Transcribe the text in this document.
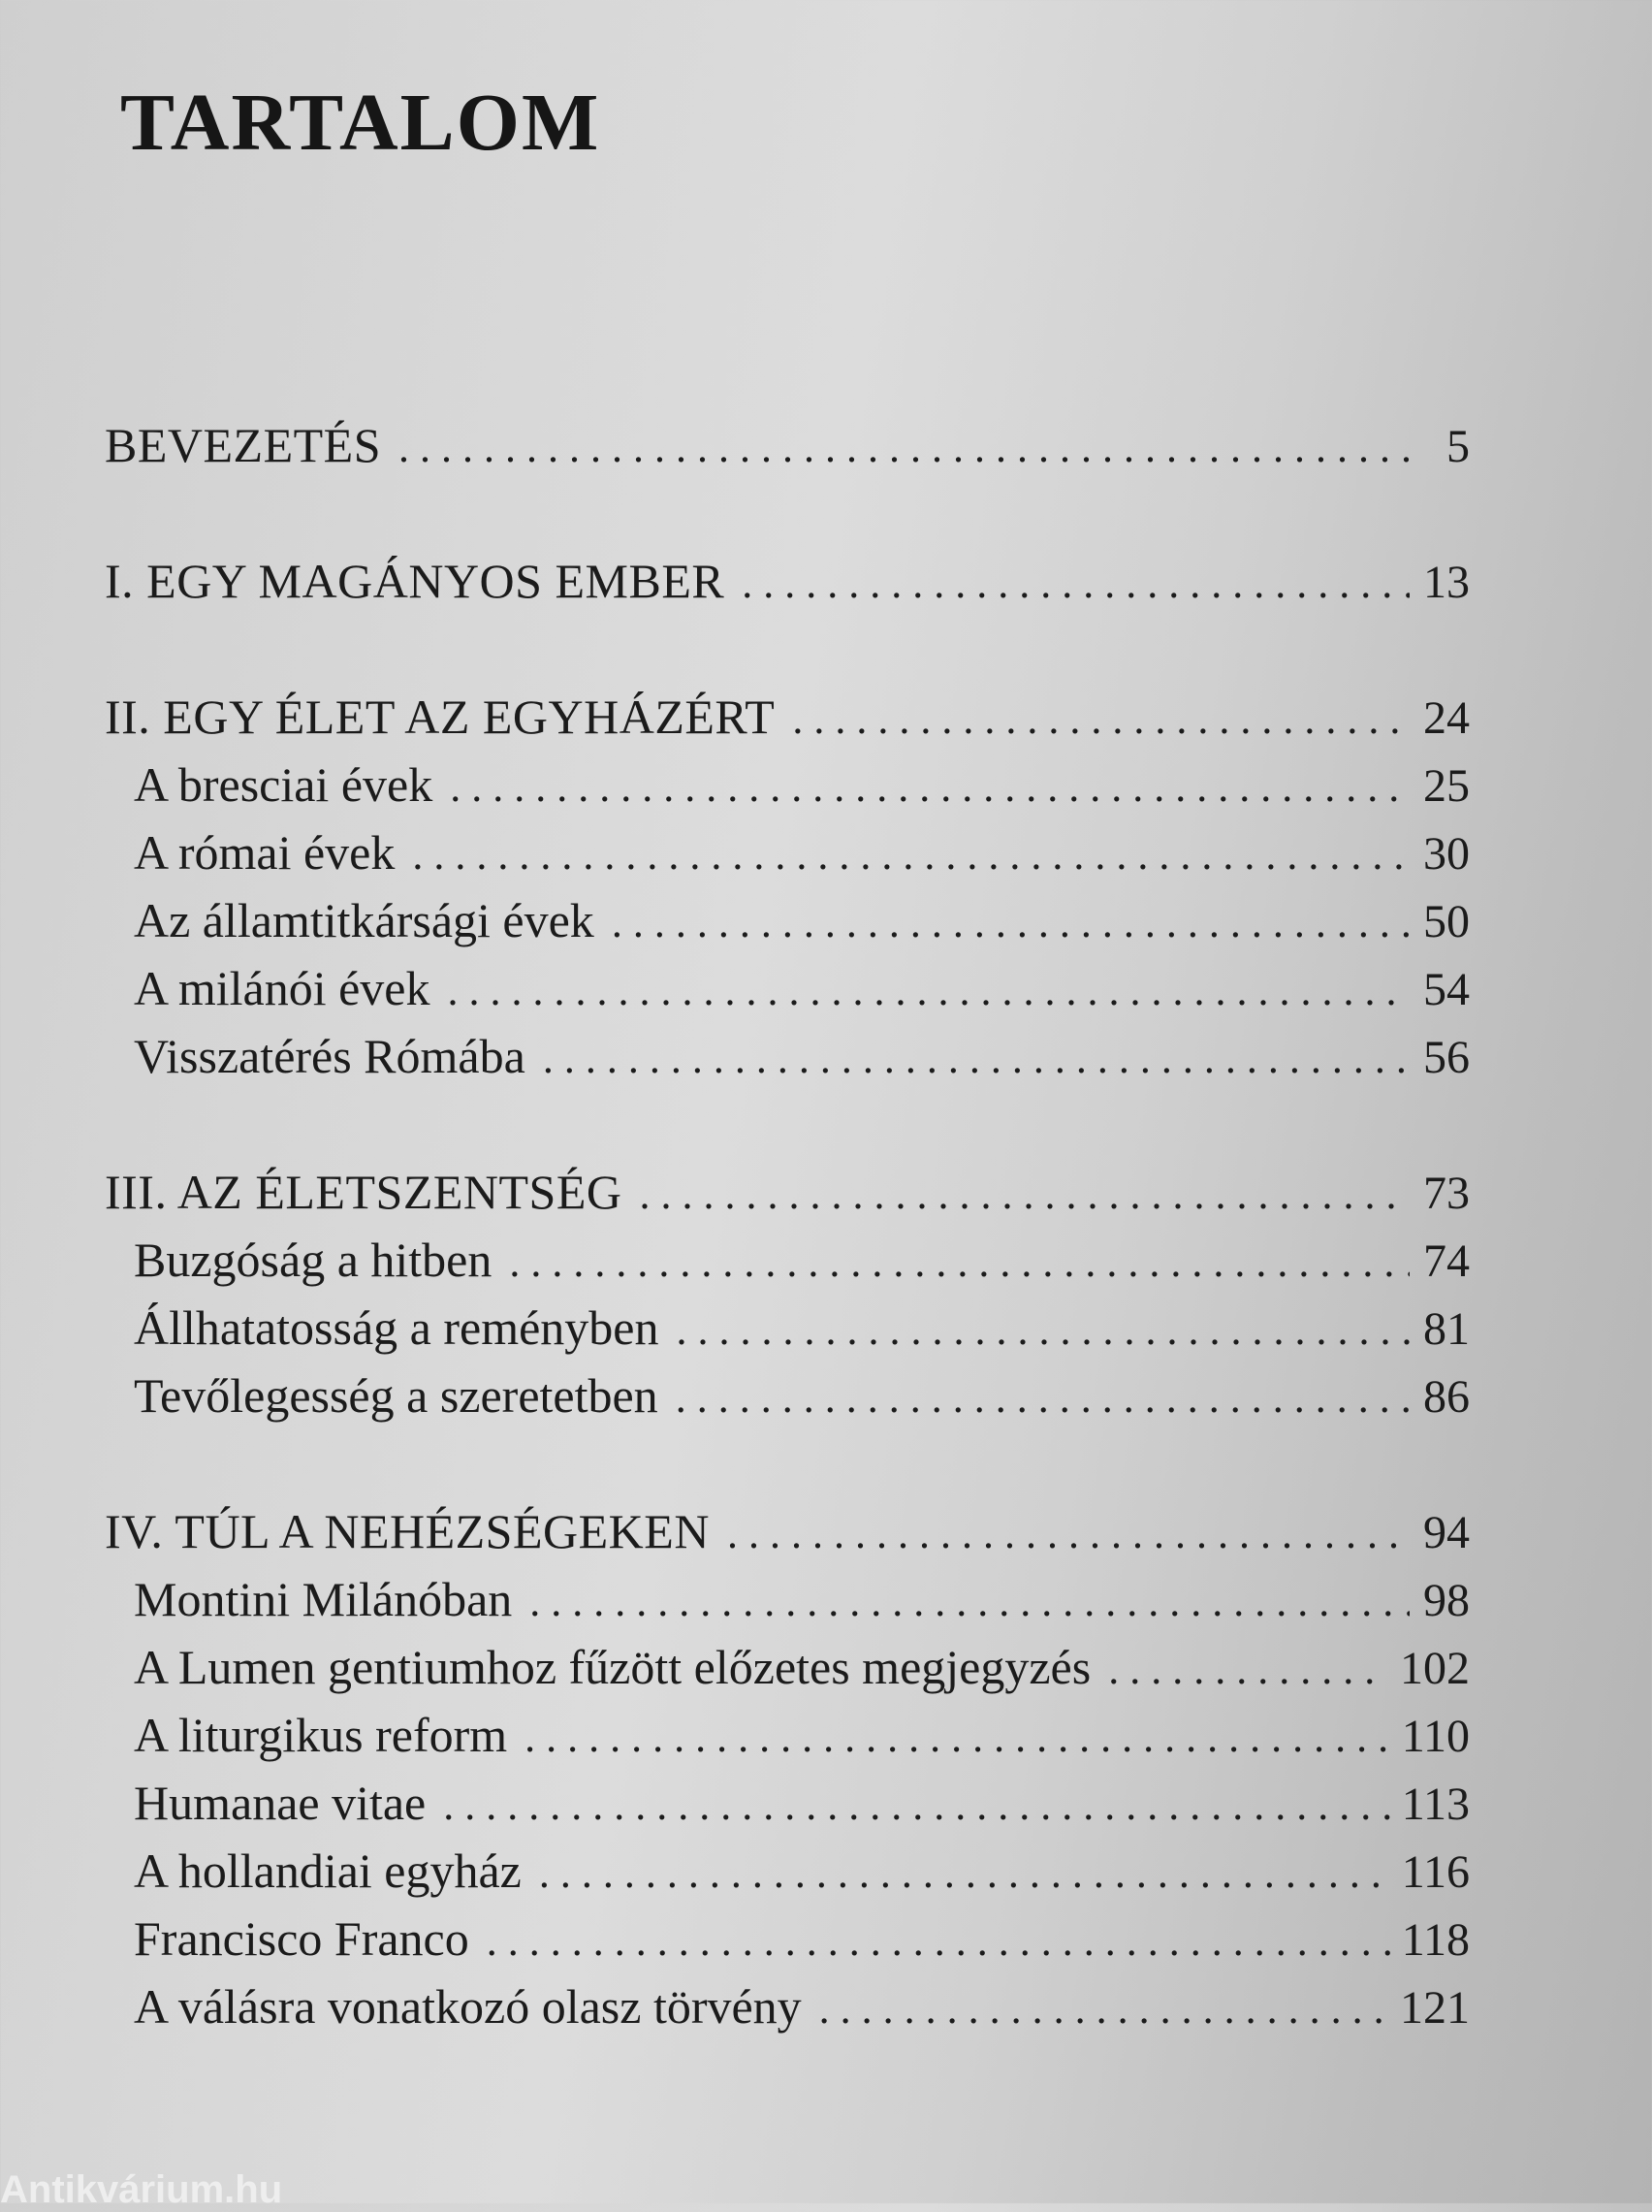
TARTALOM
BEVEZETÉS . . .	5
I. EGY MAGÁNYOS EMBER . . .	13
II. EGY ÉLET AZ EGYHÁZÉRT . . .	24
A bresciai évek . . .	25
A római évek . . .	30
Az államtitkársági évek . . .	50
A milánói évek . . .	54
Visszatérés Rómába . . .	56
III. AZ ÉLETSZENTSÉG . . .	73
Buzgóság a hitben . . .	74
Állhatatosság a reményben . . .	81
Tevőlegesség a szeretetben . . .	86
IV. TÚL A NEHÉZSÉGEKEN . . .	94
Montini Milánóban . . .	98
A Lumen gentiumhoz fűzött előzetes megjegyzés . . .	102
A liturgikus reform . . .	110
Humanae vitae . . .	113
A hollandiai egyház . . .	116
Francisco Franco . . .	118
A válásra vonatkozó olasz törvény . . .	121
Antikvárium.hu
